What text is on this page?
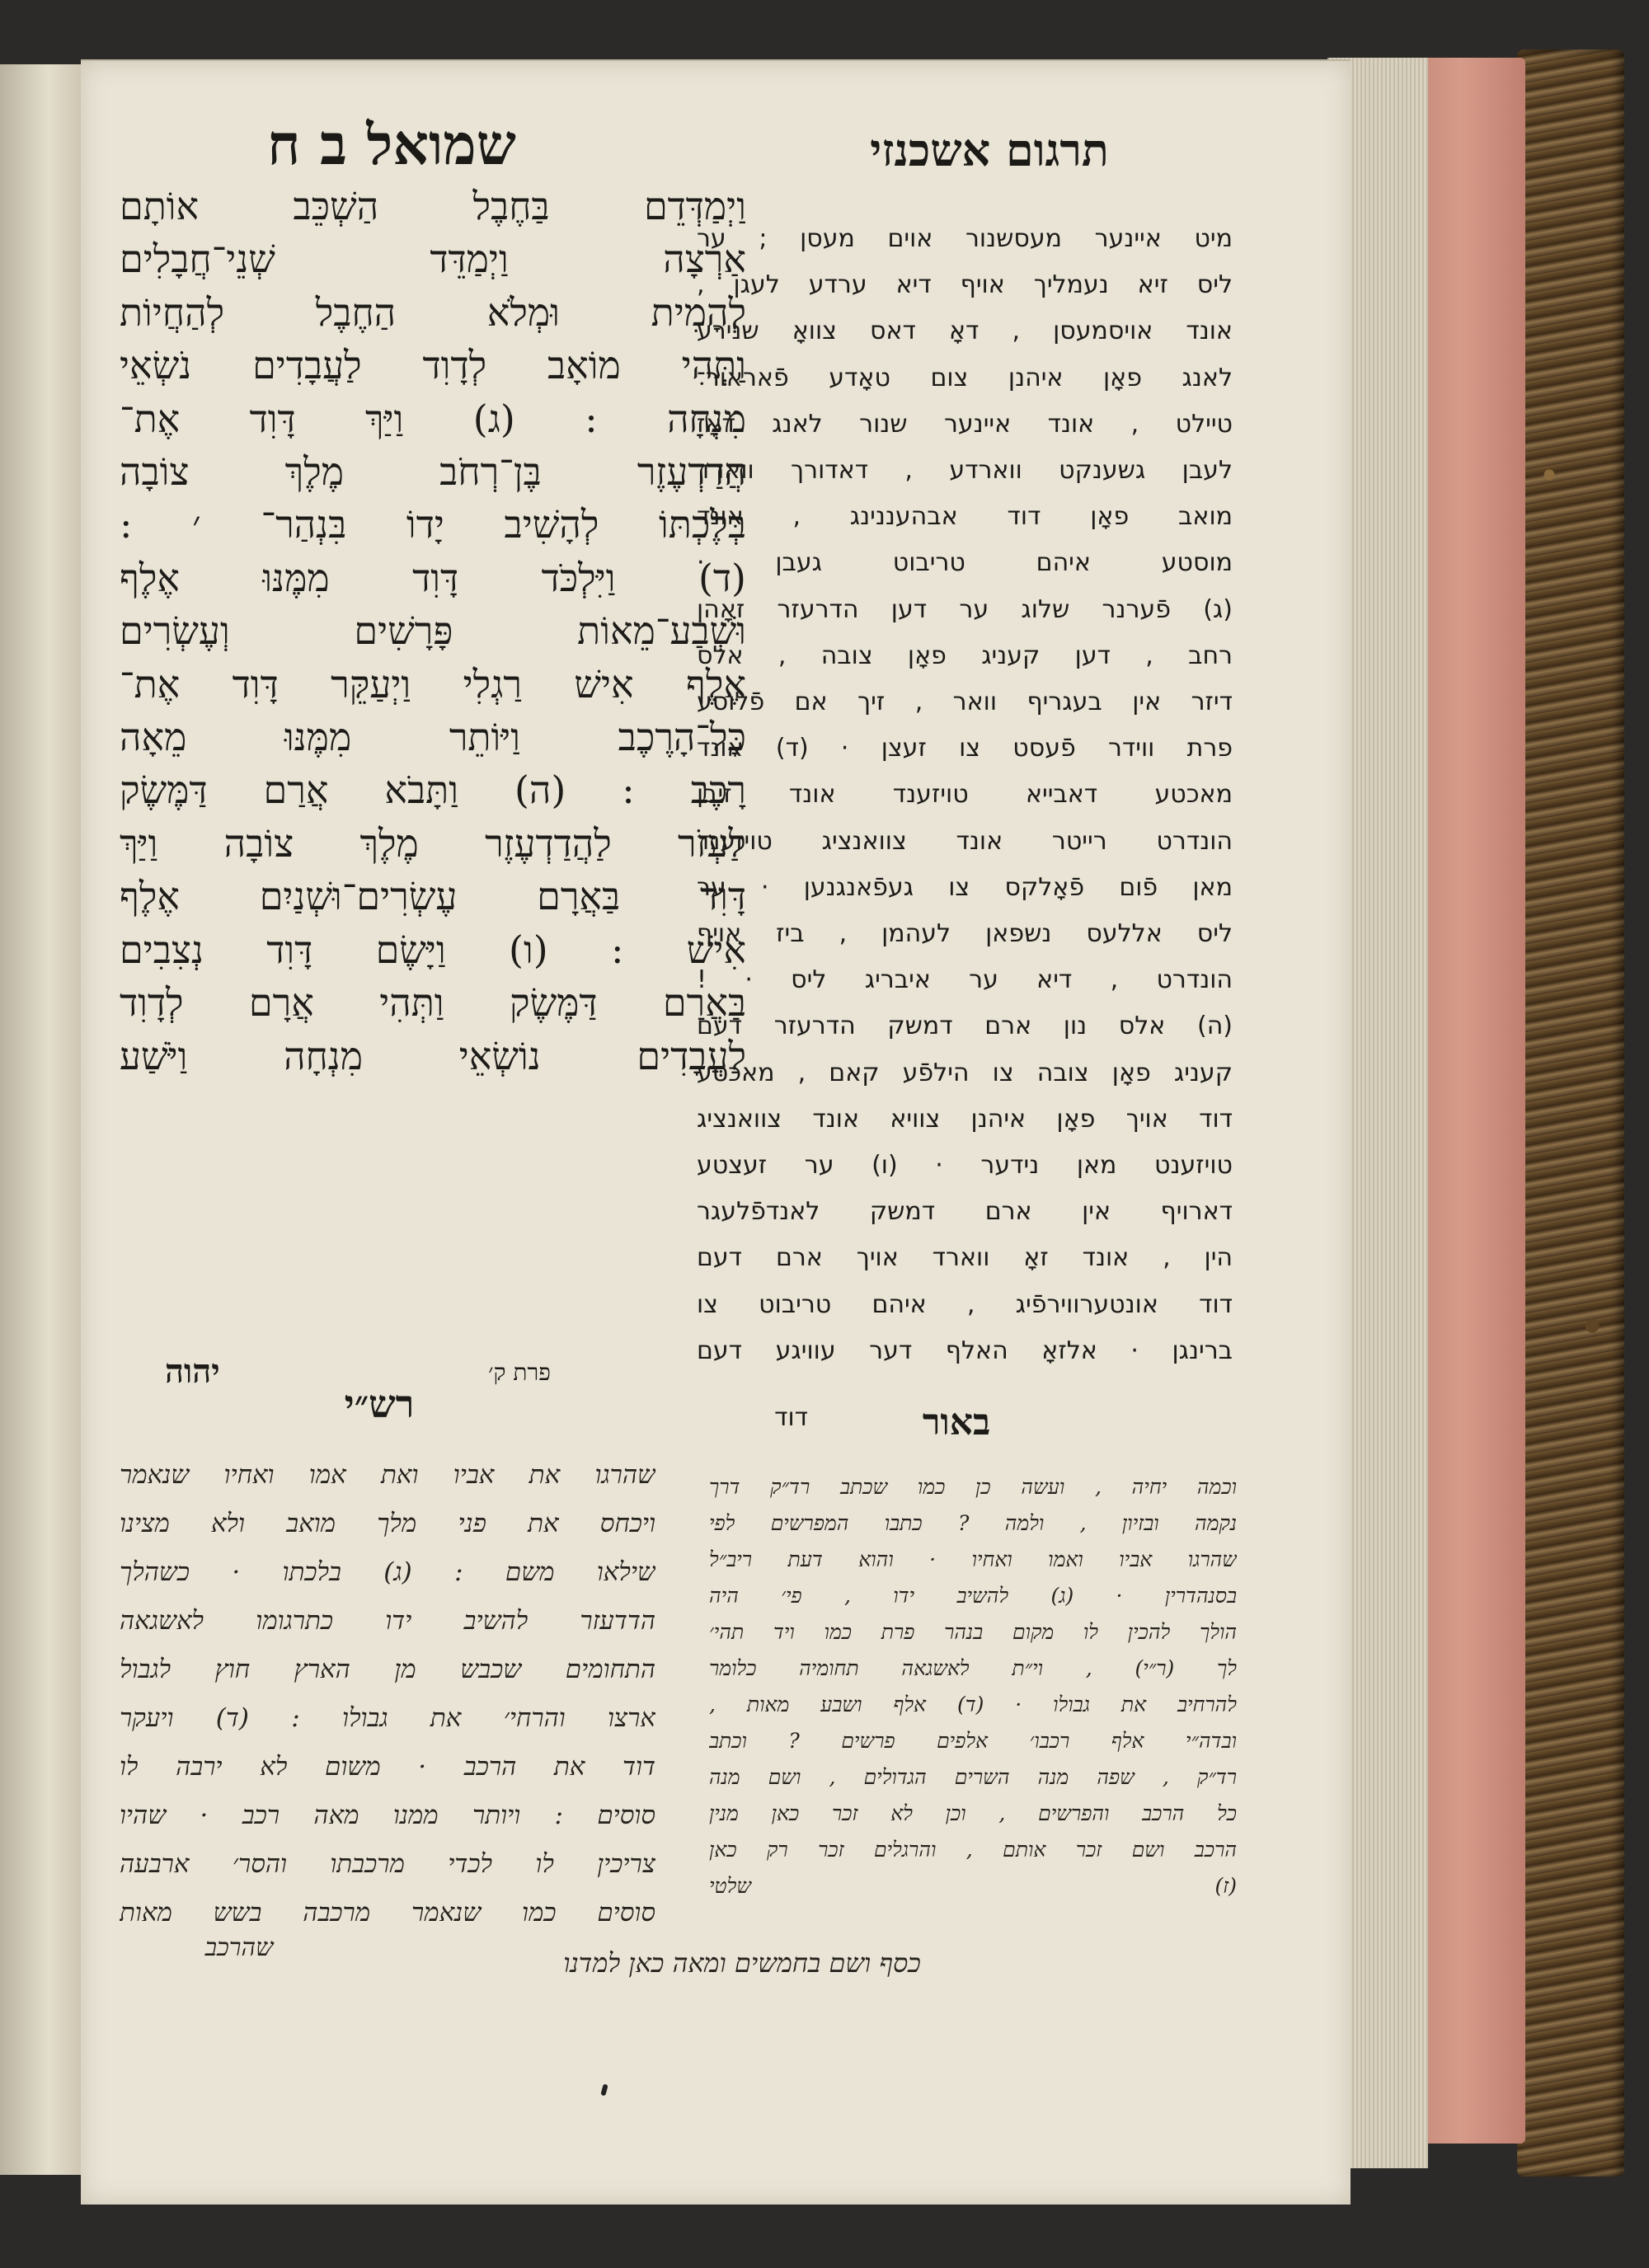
תרגום אשכנזי
שמואל ב ח
וַיְמַדְּדֵם בַּחֶבֶל הַשְׁכֵּב אוֹתָם
אַרְצָה וַיְמַדֵּד שְׁנֵי־חֲבָלִים
לְהָמִית וּמְלֹא הַחֶבֶל לְהַחֲיוֹת
וַתְּהִי מוֹאָב לְדָוִד לַעֲבָדִים נֹשְׂאֵי
מִנְחָה : (ג) וַיַּךְ דָּוִד אֶת־
הֲדַדְעֶזֶר בֶּן־רְחֹב מֶלֶךְ צוֹבָה
בְּלֶכְתּוֹ לְהָשִׁיב יָדוֹ בִּנְהַר־ ׳ :
(ד) וַיִּלְכֹּד דָּוִד מִמֶּנּוּ אֶלֶף
וּשְׁבַע־מֵאוֹת פָּרָשִׁים וְעֶשְׂרִים
אֶלֶף אִישׁ רַגְלִי וַיְעַקֵּר דָּוִד אֶת־
כָּל־הָרֶכֶב וַיּוֹתֵר מִמֶּנּוּ מֵאָה
רָכֶב : (ה) וַתָּבֹא אֲרַם דַּמֶּשֶׂק
לַעְזֹר לַהֲדַדְעֶזֶר מֶלֶךְ צוֹבָה וַיַּךְ
דָּוִד בַּאֲרָם עֶשְׂרִים־וּשְׁנַיִם אֶלֶף
אִישׁ : (ו) וַיָּשֶׂם דָּוִד נְצִבִים
בַּאֲרַם דַּמֶּשֶׂק וַתְּהִי אֲרָם לְדָוִד
לַעֲבָדִים נוֹשְׂאֵי מִנְחָה וַיֹּשַׁע
מיט איינער מעסשנור אוים מעסן ; ער
ליס זיא נעמליך אויף דיא ערדע לעגן ,
אונד אויסמעסן , דאָ דאס צוואָ שנירע
לאנג פאָן איהנן צום טאָדע פֿאראור־
טיילט , אונד איינער שנור לאנג דאָז
לעבן גשענקט ווארדע , דאדורך ווארד
מואב פאָן דוד אבהעננינג , אונד
מוסטע איהם טריבוט געבן ·
(ג) פֿערנר שלוג ער דען הדרעזר זאָהן
רחב , דען קעניג פאָן צובה , אלס
דיזר אין בעגריף וואר , זיך אם פֿלוסע
פרת ווידר פֿעסט צו זעצן · (ד) אונד
מאכטע דאבייא טויזענד אונד זיבן
הונדרט רייטר אונד צוואנציג טויזענד
מאן פֿום פֿאָלקס צו געפֿאנגנען · ער
ליס אללעס נשפאן לעהמן , ביז אויף
הונדרט , דיא ער איבריג ליס · !
(ה) אלס נון ארם דמשק הדרעזר דעם
קעניג פאָן צובה צו הילפֿע קאם , מאכטע
דוד אויך פאָן איהנן צוויא אונד צוואנציג
טויזענט מאן נידער · (ו) ער זעצטע
דארויף אין ארם דמשק לאנדפֿלעגר
הין , אונד זאָ ווארד אויך ארם דעם
דוד אונטערווירפֿיג , איהם טריבוט צו
ברינגן · אלזאָ האלף דער עוויגע דעם
יהוה	פרת ק׳
רש״י	באור
דוד
שהרגו את אביו ואת אמו ואחיו שנאמר
ויכחס את פני מלך מואב ולא מצינו
שילאו משם : (ג) בלכתו · כשהלך
הדדעזר להשיב ידו כתרגומו לאשגאה
התחומים שכבש מן הארץ חוץ לגבול
ארצו והרחי׳ את גבולו : (ד) ויעקר
דוד את הרכב · משום לא ירבה לו
סוסים : ויותר ממנו מאה רכב · שהיו
צריכין לו לכדי מרכבתו והסר׳ ארבעה
סוסים כמו שנאמר מרכבה בשש מאות
וכמה יחיה , ועשה כן כמו שכתב רד״ק דרך
נקמה ובזיון , ולמה ? כתבו המפרשים לפי
שהרגו אביו ואמו ואחיו · והוא דעת ריב״ל
בסנהדרין · (ג) להשיב ידו , פי׳ היה
הולך להכין לו מקום בנהר פרת כמו ויד תהי׳
לך (ר״י) , וי״ת לאשגאה תחומיה כלומר
להרחיב את גבולו · (ד) אלף ושבע מאות ,
ובדה״י אלף רכבו׳ אלפים פרשים ? וכתב
רד״ק , שפה מנה השרים הגדולים , ושם מנה
כל הרכב והפרשים , וכן לא זכר כאן מנין
הרכב ושם זכר אותם , והרגלים זכר רק כאן
(ז) שלטי
שהרכב	כסף ושם בחמשים ומאה כאן למדנו
